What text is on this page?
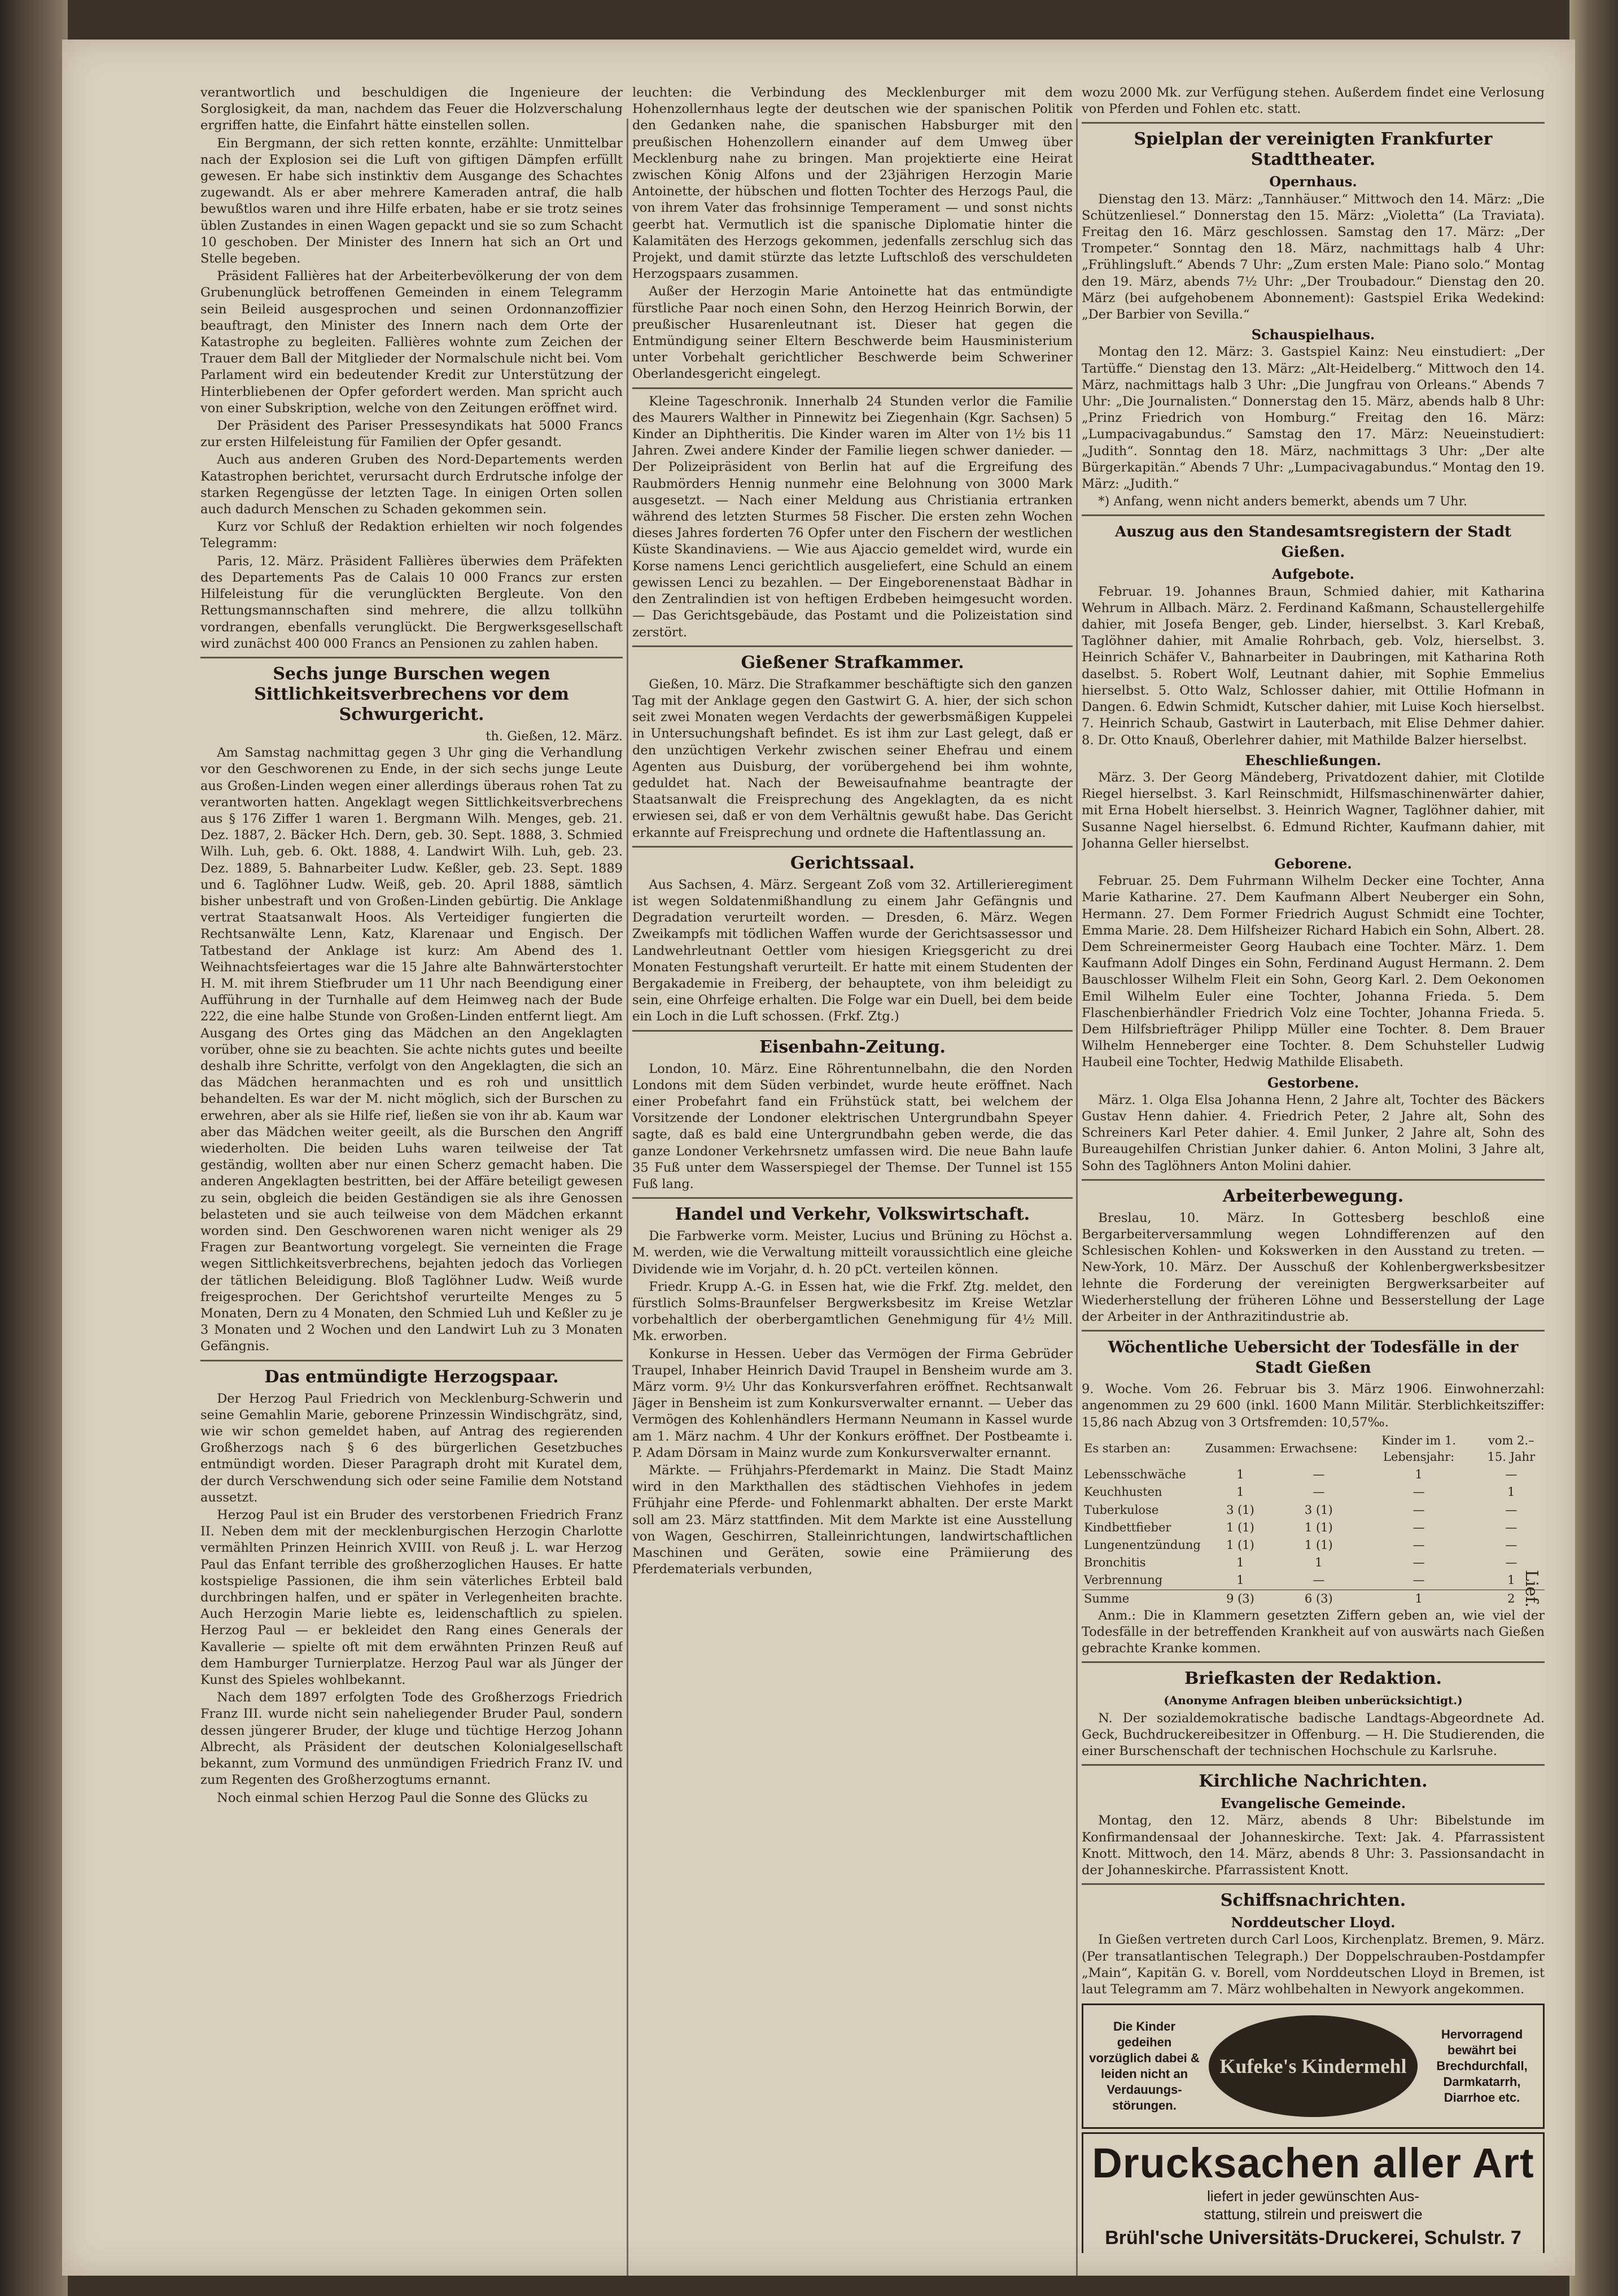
verantwortlich und beschuldigen die Ingenieure der Sorglosigkeit, da man, nachdem das Feuer die Holzverschalung ergriffen hatte, die Einfahrt hätte einstellen sollen.

Ein Bergmann, der sich retten konnte, erzählte: Unmittelbar nach der Explosion sei die Luft von giftigen Dämpfen erfüllt gewesen. Er habe sich instinktiv dem Ausgange des Schachtes zugewandt. Als er aber mehrere Kameraden antraf, die halb bewußtlos waren und ihre Hilfe erbaten, habe er sie trotz seines üblen Zustandes in einen Wagen gepackt und sie so zum Schacht 10 geschoben. Der Minister des Innern hat sich an Ort und Stelle begeben.

Präsident Fallières hat der Arbeiterbevölkerung der von dem Grubenunglück betroffenen Gemeinden in einem Telegramm sein Beileid ausgesprochen und seinen Ordonnanzoffizier beauftragt, den Minister des Innern nach dem Orte der Katastrophe zu begleiten. Fallières wohnte zum Zeichen der Trauer dem Ball der Mitglieder der Normalschule nicht bei. Vom Parlament wird ein bedeutender Kredit zur Unterstützung der Hinterbliebenen der Opfer gefordert werden. Man spricht auch von einer Subskription, welche von den Zeitungen eröffnet wird.

Der Präsident des Pariser Pressesyndikats hat 5000 Francs zur ersten Hilfeleistung für Familien der Opfer gesandt.

Auch aus anderen Gruben des Nord-Departements werden Katastrophen berichtet, verursacht durch Erdrutsche infolge der starken Regengüsse der letzten Tage. In einigen Orten sollen auch dadurch Menschen zu Schaden gekommen sein.

Kurz vor Schluß der Redaktion erhielten wir noch folgendes Telegramm:

Paris, 12. März. Präsident Fallières überwies dem Präfekten des Departements Pas de Calais 10 000 Francs zur ersten Hilfeleistung für die verunglückten Bergleute. Von den Rettungsmannschaften sind mehrere, die allzu tollkühn vordrangen, ebenfalls verunglückt. Die Bergwerksgesellschaft wird zunächst 400 000 Francs an Pensionen zu zahlen haben.

Sechs junge Burschen wegen Sittlichkeitsverbrechens vor dem Schwurgericht.
th. Gießen, 12. März.

Am Samstag nachmittag gegen 3 Uhr ging die Verhandlung vor den Geschworenen zu Ende, in der sich sechs junge Leute aus Großen-Linden wegen einer allerdings überaus rohen Tat zu verantworten hatten. Angeklagt wegen Sittlichkeitsverbrechens aus § 176 Ziffer 1 waren 1. Bergmann Wilh. Menges, geb. 21. Dez. 1887, 2. Bäcker Hch. Dern, geb. 30. Sept. 1888, 3. Schmied Wilh. Luh, geb. 6. Okt. 1888, 4. Landwirt Wilh. Luh, geb. 23. Dez. 1889, 5. Bahnarbeiter Ludw. Keßler, geb. 23. Sept. 1889 und 6. Taglöhner Ludw. Weiß, geb. 20. April 1888, sämtlich bisher unbestraft und von Großen-Linden gebürtig. Die Anklage vertrat Staatsanwalt Hoos. Als Verteidiger fungierten die Rechtsanwälte Lenn, Katz, Klarenaar und Engisch. Der Tatbestand der Anklage ist kurz: Am Abend des 1. Weihnachtsfeiertages war die 15 Jahre alte Bahnwärterstochter H. M. mit ihrem Stiefbruder um 11 Uhr nach Beendigung einer Aufführung in der Turnhalle auf dem Heimweg nach der Bude 222, die eine halbe Stunde von Großen-Linden entfernt liegt. Am Ausgang des Ortes ging das Mädchen an den Angeklagten vorüber, ohne sie zu beachten. Sie achte nichts gutes und beeilte deshalb ihre Schritte, verfolgt von den Angeklagten, die sich an das Mädchen heranmachten und es roh und unsittlich behandelten. Es war der M. nicht möglich, sich der Burschen zu erwehren, aber als sie Hilfe rief, ließen sie von ihr ab. Kaum war aber das Mädchen weiter geeilt, als die Burschen den Angriff wiederholten. Die beiden Luhs waren teilweise der Tat geständig, wollten aber nur einen Scherz gemacht haben. Die anderen Angeklagten bestritten, bei der Affäre beteiligt gewesen zu sein, obgleich die beiden Geständigen sie als ihre Genossen belasteten und sie auch teilweise von dem Mädchen erkannt worden sind. Den Geschworenen waren nicht weniger als 29 Fragen zur Beantwortung vorgelegt. Sie verneinten die Frage wegen Sittlichkeitsverbrechens, bejahten jedoch das Vorliegen der tätlichen Beleidigung. Bloß Taglöhner Ludw. Weiß wurde freigesprochen. Der Gerichtshof verurteilte Menges zu 5 Monaten, Dern zu 4 Monaten, den Schmied Luh und Keßler zu je 3 Monaten und 2 Wochen und den Landwirt Luh zu 3 Monaten Gefängnis.

Das entmündigte Herzogspaar.

Der Herzog Paul Friedrich von Mecklenburg-Schwerin und seine Gemahlin Marie, geborene Prinzessin Windischgrätz, sind, wie wir schon gemeldet haben, auf Antrag des regierenden Großherzogs nach § 6 des bürgerlichen Gesetzbuches entmündigt worden. Dieser Paragraph droht mit Kuratel dem, der durch Verschwendung sich oder seine Familie dem Notstand aussetzt.

Herzog Paul ist ein Bruder des verstorbenen Friedrich Franz II. Neben dem mit der mecklenburgischen Herzogin Charlotte vermählten Prinzen Heinrich XVIII. von Reuß j. L. war Herzog Paul das Enfant terrible des großherzoglichen Hauses. Er hatte kostspielige Passionen, die ihm sein väterliches Erbteil bald durchbringen halfen, und er später in Verlegenheiten brachte. Auch Herzogin Marie liebte es, leidenschaftlich zu spielen. Herzog Paul — er bekleidet den Rang eines Generals der Kavallerie — spielte oft mit dem erwähnten Prinzen Reuß auf dem Hamburger Turnierplatze. Herzog Paul war als Jünger der Kunst des Spieles wohlbekannt.

Nach dem 1897 erfolgten Tode des Großherzogs Friedrich Franz III. wurde nicht sein naheliegender Bruder Paul, sondern dessen jüngerer Bruder, der kluge und tüchtige Herzog Johann Albrecht, als Präsident der deutschen Kolonialgesellschaft bekannt, zum Vormund des unmündigen Friedrich Franz IV. und zum Regenten des Großherzogtums ernannt.

Noch einmal schien Herzog Paul die Sonne des Glücks zu

leuchten: die Verbindung des Mecklenburger mit dem Hohenzollernhaus legte der deutschen wie der spanischen Politik den Gedanken nahe, die spanischen Habsburger mit den preußischen Hohenzollern einander auf dem Umweg über Mecklenburg nahe zu bringen. Man projektierte eine Heirat zwischen König Alfons und der 23jährigen Herzogin Marie Antoinette, der hübschen und flotten Tochter des Herzogs Paul, die von ihrem Vater das frohsinnige Temperament — und sonst nichts geerbt hat. Vermutlich ist die spanische Diplomatie hinter die Kalamitäten des Herzogs gekommen, jedenfalls zerschlug sich das Projekt, und damit stürzte das letzte Luftschloß des verschuldeten Herzogspaars zusammen.

Außer der Herzogin Marie Antoinette hat das entmündigte fürstliche Paar noch einen Sohn, den Herzog Heinrich Borwin, der preußischer Husarenleutnant ist. Dieser hat gegen die Entmündigung seiner Eltern Beschwerde beim Hausministerium unter Vorbehalt gerichtlicher Beschwerde beim Schweriner Oberlandesgericht eingelegt.

Kleine Tageschronik. Innerhalb 24 Stunden verlor die Familie des Maurers Walther in Pinnewitz bei Ziegenhain (Kgr. Sachsen) 5 Kinder an Diphtheritis. Die Kinder waren im Alter von 1½ bis 11 Jahren. Zwei andere Kinder der Familie liegen schwer danieder. — Der Polizeipräsident von Berlin hat auf die Ergreifung des Raubmörders Hennig nunmehr eine Belohnung von 3000 Mark ausgesetzt. — Nach einer Meldung aus Christiania ertranken während des letzten Sturmes 58 Fischer. Die ersten zehn Wochen dieses Jahres forderten 76 Opfer unter den Fischern der westlichen Küste Skandinaviens. — Wie aus Ajaccio gemeldet wird, wurde ein Korse namens Lenci gerichtlich ausgeliefert, eine Schuld an einem gewissen Lenci zu bezahlen. — Der Eingeborenenstaat Bàdhar in den Zentralindien ist von heftigen Erdbeben heimgesucht worden. — Das Gerichtsgebäude, das Postamt und die Polizeistation sind zerstört.

Gießener Strafkammer.

Gießen, 10. März. Die Strafkammer beschäftigte sich den ganzen Tag mit der Anklage gegen den Gastwirt G. A. hier, der sich schon seit zwei Monaten wegen Verdachts der gewerbsmäßigen Kuppelei in Untersuchungshaft befindet. Es ist ihm zur Last gelegt, daß er den unzüchtigen Verkehr zwischen seiner Ehefrau und einem Agenten aus Duisburg, der vorübergehend bei ihm wohnte, geduldet hat. Nach der Beweisaufnahme beantragte der Staatsanwalt die Freisprechung des Angeklagten, da es nicht erwiesen sei, daß er von dem Verhältnis gewußt habe. Das Gericht erkannte auf Freisprechung und ordnete die Haftentlassung an.

Gerichtssaal.

Aus Sachsen, 4. März. Sergeant Zoß vom 32. Artillerieregiment ist wegen Soldatenmißhandlung zu einem Jahr Gefängnis und Degradation verurteilt worden. — Dresden, 6. März. Wegen Zweikampfs mit tödlichen Waffen wurde der Gerichtsassessor und Landwehrleutnant Oettler vom hiesigen Kriegsgericht zu drei Monaten Festungshaft verurteilt. Er hatte mit einem Studenten der Bergakademie in Freiberg, der behauptete, von ihm beleidigt zu sein, eine Ohrfeige erhalten. Die Folge war ein Duell, bei dem beide ein Loch in die Luft schossen. (Frkf. Ztg.)

Eisenbahn-Zeitung.

London, 10. März. Eine Röhrentunnelbahn, die den Norden Londons mit dem Süden verbindet, wurde heute eröffnet. Nach einer Probefahrt fand ein Frühstück statt, bei welchem der Vorsitzende der Londoner elektrischen Untergrundbahn Speyer sagte, daß es bald eine Untergrundbahn geben werde, die das ganze Londoner Verkehrsnetz umfassen wird. Die neue Bahn laufe 35 Fuß unter dem Wasserspiegel der Themse. Der Tunnel ist 155 Fuß lang.

Handel und Verkehr, Volkswirtschaft.

Die Farbwerke vorm. Meister, Lucius und Brüning zu Höchst a. M. werden, wie die Verwaltung mitteilt voraussichtlich eine gleiche Dividende wie im Vorjahr, d. h. 20 pCt. verteilen können.

Friedr. Krupp A.-G. in Essen hat, wie die Frkf. Ztg. meldet, den fürstlich Solms-Braunfelser Bergwerksbesitz im Kreise Wetzlar vorbehaltlich der oberbergamtlichen Genehmigung für 4½ Mill. Mk. erworben.

Konkurse in Hessen. Ueber das Vermögen der Firma Gebrüder Traupel, Inhaber Heinrich David Traupel in Bensheim wurde am 3. März vorm. 9½ Uhr das Konkursverfahren eröffnet. Rechtsanwalt Jäger in Bensheim ist zum Konkursverwalter ernannt. — Ueber das Vermögen des Kohlenhändlers Hermann Neumann in Kassel wurde am 1. März nachm. 4 Uhr der Konkurs eröffnet. Der Postbeamte i. P. Adam Dörsam in Mainz wurde zum Konkursverwalter ernannt.

Märkte. — Frühjahrs-Pferdemarkt in Mainz. Die Stadt Mainz wird in den Markthallen des städtischen Viehhofes in jedem Frühjahr eine Pferde- und Fohlenmarkt abhalten. Der erste Markt soll am 23. März stattfinden. Mit dem Markte ist eine Ausstellung von Wagen, Geschirren, Stalleinrichtungen, landwirtschaftlichen Maschinen und Geräten, sowie eine Prämiierung des Pferdematerials verbunden,

wozu 2000 Mk. zur Verfügung stehen. Außerdem findet eine Verlosung von Pferden und Fohlen etc. statt.

Spielplan der vereinigten Frankfurter Stadttheater.
Opernhaus.

Dienstag den 13. März: „Tannhäuser.“ Mittwoch den 14. März: „Die Schützenliesel.“ Donnerstag den 15. März: „Violetta“ (La Traviata). Freitag den 16. März geschlossen. Samstag den 17. März: „Der Trompeter.“ Sonntag den 18. März, nachmittags halb 4 Uhr: „Frühlingsluft.“ Abends 7 Uhr: „Zum ersten Male: Piano solo.“ Montag den 19. März, abends 7½ Uhr: „Der Troubadour.“ Dienstag den 20. März (bei aufgehobenem Abonnement): Gastspiel Erika Wedekind: „Der Barbier von Sevilla.“

Schauspielhaus.

Montag den 12. März: 3. Gastspiel Kainz: Neu einstudiert: „Der Tartüffe.“ Dienstag den 13. März: „Alt-Heidelberg.“ Mittwoch den 14. März, nachmittags halb 3 Uhr: „Die Jungfrau von Orleans.“ Abends 7 Uhr: „Die Journalisten.“ Donnerstag den 15. März, abends halb 8 Uhr: „Prinz Friedrich von Homburg.“ Freitag den 16. März: „Lumpacivagabundus.“ Samstag den 17. März: Neueinstudiert: „Judith“. Sonntag den 18. März, nachmittags 3 Uhr: „Der alte Bürgerkapitän.“ Abends 7 Uhr: „Lumpacivagabundus.“ Montag den 19. März: „Judith.“

*) Anfang, wenn nicht anders bemerkt, abends um 7 Uhr.

Auszug aus den Standesamtsregistern der Stadt Gießen.
Aufgebote.

Februar. 19. Johannes Braun, Schmied dahier, mit Katharina Wehrum in Allbach. März. 2. Ferdinand Kaßmann, Schaustellergehilfe dahier, mit Josefa Benger, geb. Linder, hierselbst. 3. Karl Krebaß, Taglöhner dahier, mit Amalie Rohrbach, geb. Volz, hierselbst. 3. Heinrich Schäfer V., Bahnarbeiter in Daubringen, mit Katharina Roth daselbst. 5. Robert Wolf, Leutnant dahier, mit Sophie Emmelius hierselbst. 5. Otto Walz, Schlosser dahier, mit Ottilie Hofmann in Dangen. 6. Edwin Schmidt, Kutscher dahier, mit Luise Koch hierselbst. 7. Heinrich Schaub, Gastwirt in Lauterbach, mit Elise Dehmer dahier. 8. Dr. Otto Knauß, Oberlehrer dahier, mit Mathilde Balzer hierselbst.

Eheschließungen.

März. 3. Der Georg Mändeberg, Privatdozent dahier, mit Clotilde Riegel hierselbst. 3. Karl Reinschmidt, Hilfsmaschinenwärter dahier, mit Erna Hobelt hierselbst. 3. Heinrich Wagner, Taglöhner dahier, mit Susanne Nagel hierselbst. 6. Edmund Richter, Kaufmann dahier, mit Johanna Geller hierselbst.

Geborene.

Februar. 25. Dem Fuhrmann Wilhelm Decker eine Tochter, Anna Marie Katharine. 27. Dem Kaufmann Albert Neuberger ein Sohn, Hermann. 27. Dem Former Friedrich August Schmidt eine Tochter, Emma Marie. 28. Dem Hilfsheizer Richard Habich ein Sohn, Albert. 28. Dem Schreinermeister Georg Haubach eine Tochter. März. 1. Dem Kaufmann Adolf Dinges ein Sohn, Ferdinand August Hermann. 2. Dem Bauschlosser Wilhelm Fleit ein Sohn, Georg Karl. 2. Dem Oekonomen Emil Wilhelm Euler eine Tochter, Johanna Frieda. 5. Dem Flaschenbierhändler Friedrich Volz eine Tochter, Johanna Frieda. 5. Dem Hilfsbriefträger Philipp Müller eine Tochter. 8. Dem Brauer Wilhelm Henneberger eine Tochter. 8. Dem Schuhsteller Ludwig Haubeil eine Tochter, Hedwig Mathilde Elisabeth.

Gestorbene.

März. 1. Olga Elsa Johanna Henn, 2 Jahre alt, Tochter des Bäckers Gustav Henn dahier. 4. Friedrich Peter, 2 Jahre alt, Sohn des Schreiners Karl Peter dahier. 4. Emil Junker, 2 Jahre alt, Sohn des Bureaugehilfen Christian Junker dahier. 6. Anton Molini, 3 Jahre alt, Sohn des Taglöhners Anton Molini dahier.

Arbeiterbewegung.

Breslau, 10. März. In Gottesberg beschloß eine Bergarbeiterversammlung wegen Lohndifferenzen auf den Schlesischen Kohlen- und Kokswerken in den Ausstand zu treten. — New-York, 10. März. Der Ausschuß der Kohlenbergwerksbesitzer lehnte die Forderung der vereinigten Bergwerksarbeiter auf Wiederherstellung der früheren Löhne und Besserstellung der Lage der Arbeiter in der Anthrazitindustrie ab.

Wöchentliche Uebersicht der Todesfälle in der Stadt Gießen

9. Woche. Vom 26. Februar bis 3. März 1906. Einwohnerzahl: angenommen zu 29 600 (inkl. 1600 Mann Militär. Sterblichkeitsziffer: 15,86 nach Abzug von 3 Ortsfremden: 10,57‰.

Es starben an:	Zusammen:	Erwachsene:	Kinder im 1. Lebensjahr:	vom 2.–15. Jahr
Lebensschwäche	1	—	1	—
Keuchhusten	1	—	—	1
Tuberkulose	3 (1)	3 (1)	—	—
Kindbettfieber	1 (1)	1 (1)	—	—
Lungenentzündung	1 (1)	1 (1)	—	—
Bronchitis	1	1	—	—
Verbrennung	1	—	—	1
Summe	9 (3)	6 (3)	1	2

Anm.: Die in Klammern gesetzten Ziffern geben an, wie viel der Todesfälle in der betreffenden Krankheit auf von auswärts nach Gießen gebrachte Kranke kommen.

Briefkasten der Redaktion.
(Anonyme Anfragen bleiben unberücksichtigt.)

N. Der sozialdemokratische badische Landtags-Abgeordnete Ad. Geck, Buchdruckereibesitzer in Offenburg. — H. Die Studierenden, die einer Burschenschaft der technischen Hochschule zu Karlsruhe.

Kirchliche Nachrichten.
Evangelische Gemeinde.

Montag, den 12. März, abends 8 Uhr: Bibelstunde im Konfirmandensaal der Johanneskirche. Text: Jak. 4. Pfarrassistent Knott. Mittwoch, den 14. März, abends 8 Uhr: 3. Passionsandacht in der Johanneskirche. Pfarrassistent Knott.

Schiffsnachrichten.
Norddeutscher Lloyd.

In Gießen vertreten durch Carl Loos, Kirchenplatz. Bremen, 9. März. (Per transatlantischen Telegraph.) Der Doppelschrauben-Postdampfer „Main“, Kapitän G. v. Borell, vom Norddeutschen Lloyd in Bremen, ist laut Telegramm am 7. März wohlbehalten in Newyork angekommen.

Die Kinder gedeihen vorzüglich dabei & leiden nicht an Verdauungs-störungen.
Kufeke's Kindermehl
Hervorragend bewährt bei Brechdurchfall, Darmkatarrh, Diarrhoe etc.
Drucksachen aller Art
liefert in jeder gewünschten Aus-
stattung, stilrein und preiswert die
Brühl'sche Universitäts-Druckerei, Schulstr. 7
Lief.
